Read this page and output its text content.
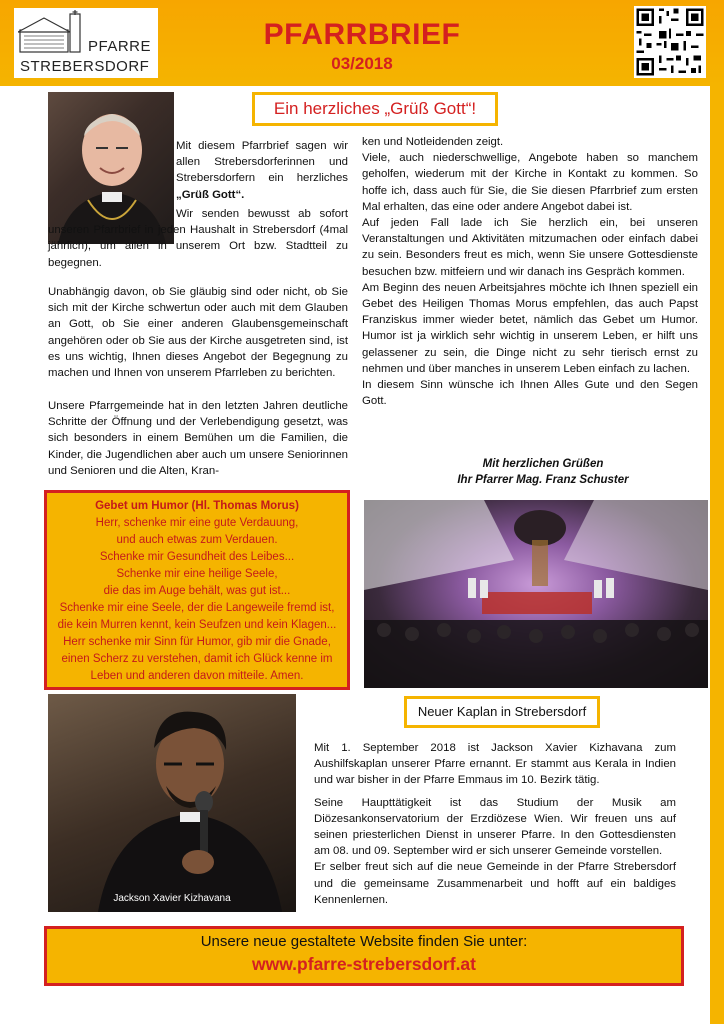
PFARRE
STREBERSDORF
PFARRBRIEF
03/2018
Ein herzliches „Grüß Gott“!

Mit diesem Pfarrbrief sagen wir allen Strebersdorferinnen und Strebersdorfern ein herzliches „Grüß Gott“.

Wir senden bewusst ab sofort unseren Pfarrbrief in jeden Haushalt in Strebersdorf (4mal jährlich), um allen in unserem Ort bzw. Stadtteil zu begegnen.

Unabhängig davon, ob Sie gläubig sind oder nicht, ob Sie sich mit der Kirche schwertun oder auch mit dem Glauben an Gott, ob Sie einer anderen Glaubensgemeinschaft angehören oder ob Sie aus der Kirche ausgetreten sind, ist es uns wichtig, Ihnen dieses Angebot der Begegnung zu machen und Ihnen von unserem Pfarrleben zu berichten.
Unsere Pfarrgemeinde hat in den letzten Jahren deutliche Schritte der Öffnung und der Verlebendigung gesetzt, was sich besonders in einem Bemühen um die Familien, die Kinder, die Jugendlichen aber auch um unsere Seniorinnen und Senioren und die Alten, Kran-

ken und Notleidenden zeigt.

Viele, auch niederschwellige, Angebote haben so manchem geholfen, wiederum mit der Kirche in Kontakt zu kommen. So hoffe ich, dass auch für Sie, die Sie diesen Pfarrbrief zum ersten Mal erhalten, das eine oder andere Angebot dabei ist.

Auf jeden Fall lade ich Sie herzlich ein, bei unseren Veranstaltungen und Aktivitäten mitzumachen oder einfach dabei zu sein. Besonders freut es mich, wenn Sie unsere Gottesdienste besuchen bzw. mitfeiern und wir danach ins Gespräch kommen.

Am Beginn des neuen Arbeitsjahres möchte ich Ihnen speziell ein Gebet des Heiligen Thomas Morus empfehlen, das auch Papst Franziskus immer wieder betet, nämlich das Gebet um Humor. Humor ist ja wirklich sehr wichtig in unserem Leben, er hilft uns gelassener zu sein, die Dinge nicht zu sehr tierisch ernst zu nehmen und über manches in unserem Leben einfach zu lachen.

In diesem Sinn wünsche ich Ihnen Alles Gute und den Segen Gott.

Mit herzlichen Grüßen
Ihr Pfarrer Mag. Franz Schuster
Gebet um Humor (Hl. Thomas Morus)
Herr, schenke mir eine gute Verdauung,
und auch etwas zum Verdauen.
Schenke mir Gesundheit des Leibes...
Schenke mir eine heilige Seele,
die das im Auge behält, was gut ist...
Schenke mir eine Seele, der die Langeweile fremd ist,
die kein Murren kennt, kein Seufzen und kein Klagen...
Herr schenke mir Sinn für Humor, gib mir die Gnade,
einen Scherz zu verstehen, damit ich Glück kenne im
Leben und anderen davon mitteile. Amen.
Neuer Kaplan in Strebersdorf
Jackson Xavier Kizhavana

Mit 1. September 2018 ist Jackson Xavier Kizhavana zum Aushilfskaplan unserer Pfarre ernannt. Er stammt aus Kerala in Indien und war bisher in der Pfarre Emmaus im 10. Bezirk tätig.

Seine Haupttätigkeit ist das Studium der Musik am Diözesankonservatorium der Erzdiözese Wien. Wir freuen uns auf seinen priesterlichen Dienst in unserer Pfarre. In den Gottesdiensten am 08. und 09. September wird er sich unserer Gemeinde vorstellen.

Er selber freut sich auf die neue Gemeinde in der Pfarre Strebersdorf und die gemeinsame Zusammenarbeit und hofft auf ein baldiges Kennenlernen.

Unsere neue gestaltete Website finden Sie unter:
www.pfarre-strebersdorf.at
